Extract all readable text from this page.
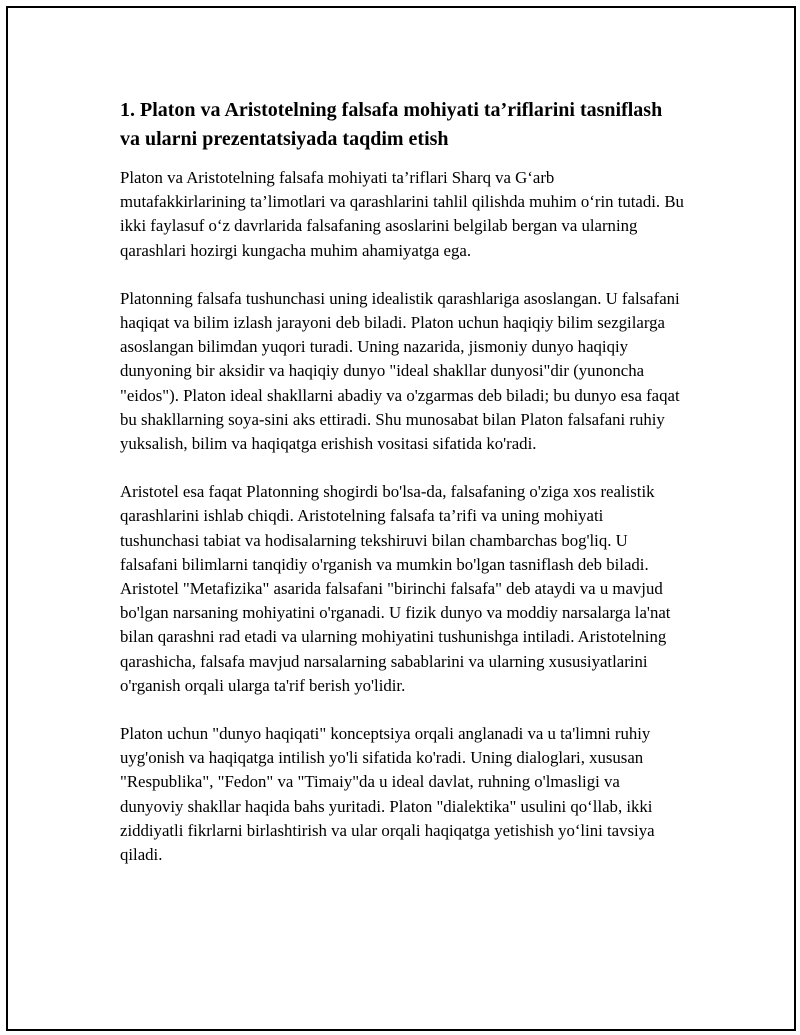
1. Platon va Aristotelning falsafa mohiyati ta’riflarini tasniflash va ularni prezentatsiyada taqdim etish

Platon va Aristotelning falsafa mohiyati ta’riflari Sharq va G‘arb mutafakkirlarining ta’limotlari va qarashlarini tahlil qilishda muhim o‘rin tutadi. Bu ikki faylasuf o‘z davrlarida falsafaning asoslarini belgilab bergan va ularning qarashlari hozirgi kungacha muhim ahamiyatga ega.

Platonning falsafa tushunchasi uning idealistik qarashlariga asoslangan. U falsafani haqiqat va bilim izlash jarayoni deb biladi. Platon uchun haqiqiy bilim sezgilarga asoslangan bilimdan yuqori turadi. Uning nazarida, jismoniy dunyo haqiqiy dunyoning bir aksidir va haqiqiy dunyo "ideal shakllar dunyosi"dir (yunoncha "eidos"). Platon ideal shakllarni abadiy va o'zgarmas deb biladi; bu dunyo esa faqat bu shakllarning soya-sini aks ettiradi. Shu munosabat bilan Platon falsafani ruhiy yuksalish, bilim va haqiqatga erishish vositasi sifatida ko'radi.

Aristotel esa faqat Platonning shogirdi bo'lsa-da, falsafaning o'ziga xos realistik qarashlarini ishlab chiqdi. Aristotelning falsafa ta’rifi va uning mohiyati tushunchasi tabiat va hodisalarning tekshiruvi bilan chambarchas bog'liq. U falsafani bilimlarni tanqidiy o'rganish va mumkin bo'lgan tasniflash deb biladi. Aristotel "Metafizika" asarida falsafani "birinchi falsafa" deb ataydi va u mavjud bo'lgan narsaning mohiyatini o'rganadi. U fizik dunyo va moddiy narsalarga la'nat bilan qarashni rad etadi va ularning mohiyatini tushunishga intiladi. Aristotelning qarashicha, falsafa mavjud narsalarning sabablarini va ularning xususiyatlarini o'rganish orqali ularga ta'rif berish yo'lidir.

Platon uchun "dunyo haqiqati" konceptsiya orqali anglanadi va u ta'limni ruhiy uyg'onish va haqiqatga intilish yo'li sifatida ko'radi. Uning dialoglari, xususan "Respublika", "Fedon" va "Timaiy"da u ideal davlat, ruhning o'lmasligi va dunyoviy shakllar haqida bahs yuritadi. Platon "dialektika" usulini qo‘llab, ikki ziddiyatli fikrlarni birlashtirish va ular orqali haqiqatga yetishish yo‘lini tavsiya qiladi.
